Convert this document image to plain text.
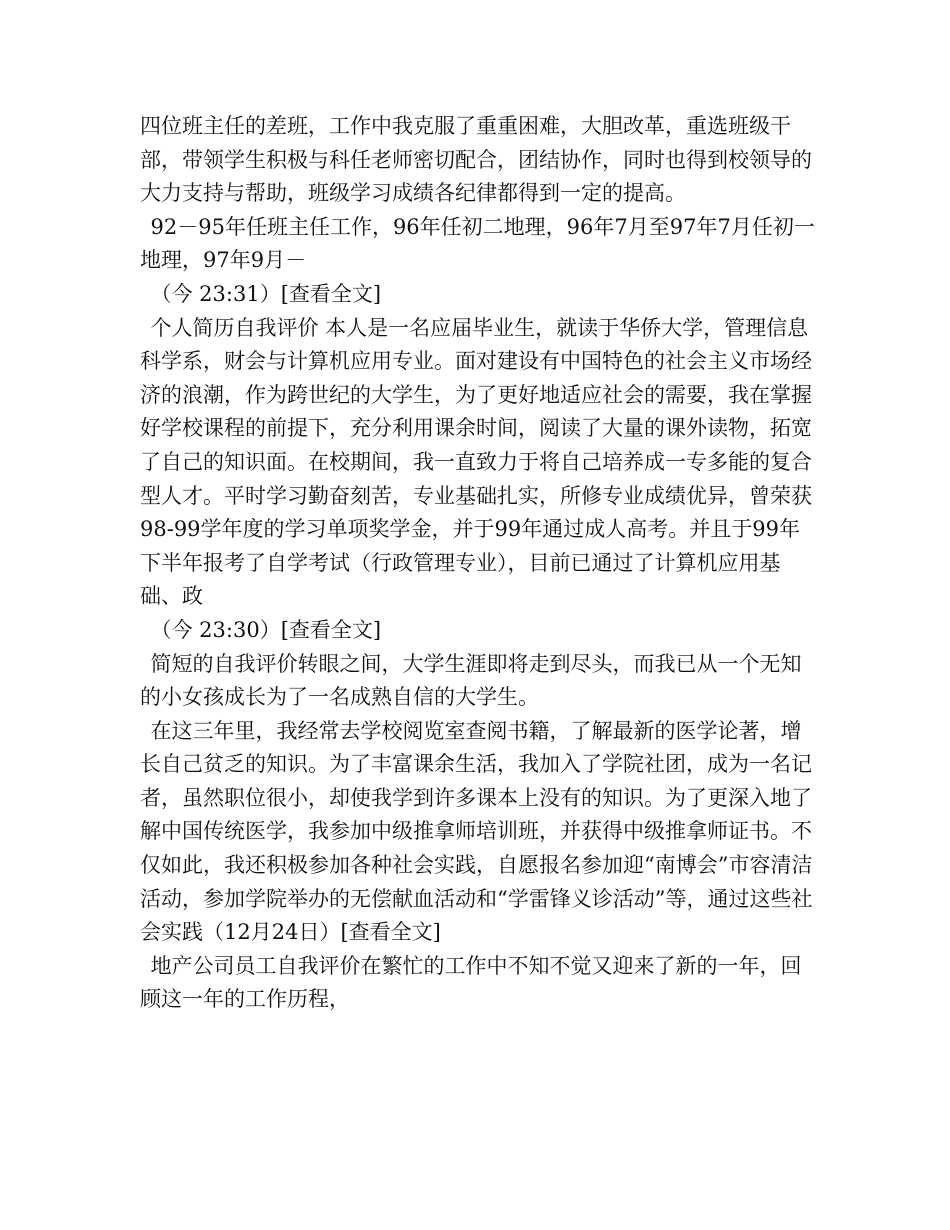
四位班主任的差班，工作中我克服了重重困难，大胆改革，重选班级干部，带领学生积极与科任老师密切配合，团结协作，同时也得到校领导的大力支持与帮助，班级学习成绩各纪律都得到一定的提高。

92－95年任班主任工作，96年任初二地理，96年7月至97年7月任初一地理，97年9月－

（今 23:31）[查看全文]

个人简历自我评价 本人是一名应届毕业生，就读于华侨大学，管理信息科学系，财会与计算机应用专业。面对建设有中国特色的社会主义市场经济的浪潮，作为跨世纪的大学生，为了更好地适应社会的需要，我在掌握好学校课程的前提下，充分利用课余时间，阅读了大量的课外读物，拓宽了自己的知识面。在校期间，我一直致力于将自己培养成一专多能的复合型人才。平时学习勤奋刻苦，专业基础扎实，所修专业成绩优异，曾荣获98-99学年度的学习单项奖学金，并于99年通过成人高考。并且于99年下半年报考了自学考试（行政管理专业），目前已通过了计算机应用基础、政

（今 23:30）[查看全文]

简短的自我评价转眼之间，大学生涯即将走到尽头，而我已从一个无知的小女孩成长为了一名成熟自信的大学生。

在这三年里，我经常去学校阅览室查阅书籍，了解最新的医学论著，增长自己贫乏的知识。为了丰富课余生活，我加入了学院社团，成为一名记者，虽然职位很小，却使我学到许多课本上没有的知识。为了更深入地了解中国传统医学，我参加中级推拿师培训班，并获得中级推拿师证书。不仅如此，我还积极参加各种社会实践，自愿报名参加迎“南博会”市容清洁活动，参加学院举办的无偿献血活动和“学雷锋义诊活动”等，通过这些社会实践（12月24日）[查看全文]

地产公司员工自我评价在繁忙的工作中不知不觉又迎来了新的一年，回顾这一年的工作历程，
